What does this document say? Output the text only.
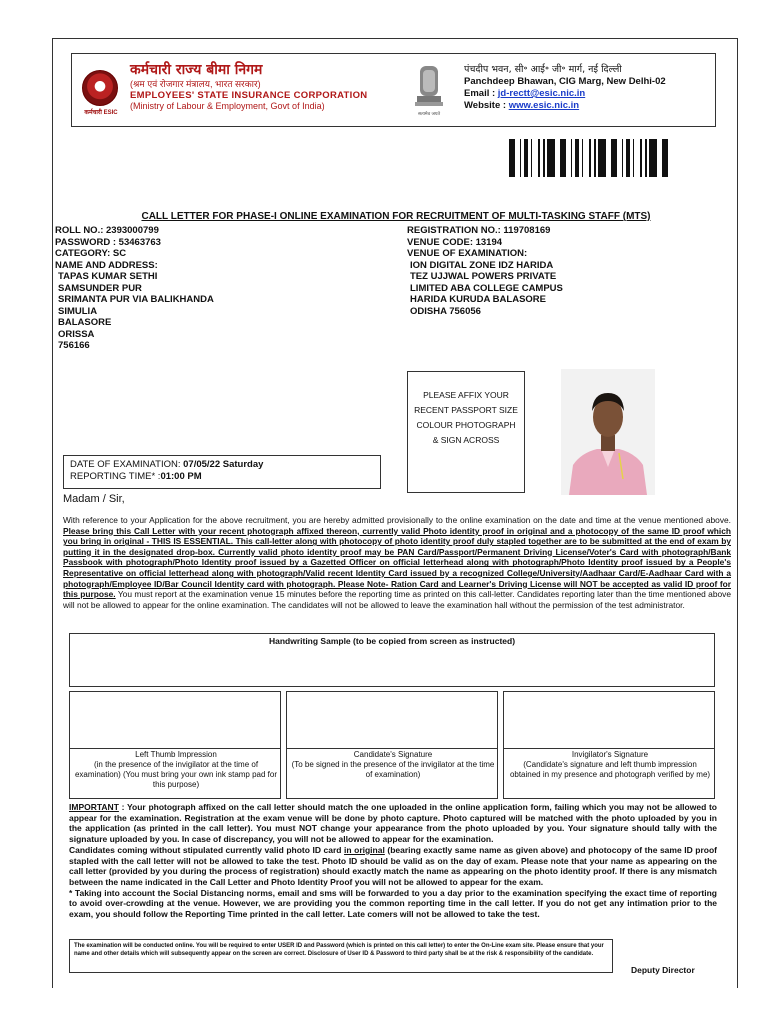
कर्मचारी ESIC
कर्मचारी राज्य बीमा निगम
(श्रम एवं रोजगार मंत्रालय, भारत सरकार)
EMPLOYEES' STATE INSURANCE CORPORATION
(Ministry of Labour & Employment, Govt of India)
सत्यमेव जयते
पंचदीप भवन, सी॰ आई॰ जी॰ मार्ग, नई दिल्ली
Panchdeep Bhawan, CIG Marg, New Delhi-02
Email : jd-rectt@esic.nic.in
Website : www.esic.nic.in
CALL LETTER FOR PHASE-I ONLINE EXAMINATION FOR RECRUITMENT OF MULTI-TASKING STAFF (MTS)
ROLL NO.: 2393000799
PASSWORD : 53463763
CATEGORY: SC
NAME AND ADDRESS:
TAPAS KUMAR SETHI
SAMSUNDER PUR
SRIMANTA PUR VIA BALIKHANDA
SIMULIA
BALASORE
ORISSA
756166
REGISTRATION NO.: 119708169
VENUE CODE: 13194
VENUE OF EXAMINATION:
ION DIGITAL ZONE IDZ HARIDA
TEZ UJJWAL POWERS PRIVATE
LIMITED ABA COLLEGE CAMPUS
HARIDA KURUDA BALASORE
ODISHA 756056
PLEASE AFFIX YOUR
RECENT PASSPORT SIZE
COLOUR PHOTOGRAPH
& SIGN ACROSS
DATE OF EXAMINATION: 07/05/22 Saturday
REPORTING TIME* :01:00 PM
Madam / Sir,
With reference to your Application for the above recruitment, you are hereby admitted provisionally to the online examination on the date and time at the venue mentioned above. Please bring this Call Letter with your recent photograph affixed thereon, currently valid Photo identity proof in original and a photocopy of the same ID proof which you bring in original - THIS IS ESSENTIAL. This call-letter along with photocopy of photo identity proof duly stapled together are to be submitted at the end of exam by putting it in the designated drop-box. Currently valid photo identity proof may be PAN Card/Passport/Permanent Driving License/Voter's Card with photograph/Bank Passbook with photograph/Photo Identity proof issued by a Gazetted Officer on official letterhead along with photograph/Photo Identity proof issued by a People's Representative on official letterhead along with photograph/Valid recent Identity Card issued by a recognized College/University/Aadhaar Card/E-Aadhaar Card with a photograph/Employee ID/Bar Council Identity card with photograph. Please Note- Ration Card and Learner's Driving License will NOT be accepted as valid ID proof for this purpose. You must report at the examination venue 15 minutes before the reporting time as printed on this call-letter. Candidates reporting later than the time mentioned above will not be allowed to appear for the online examination. The candidates will not be allowed to leave the examination hall without the permission of the test administrator.
Handwriting Sample (to be copied from screen as instructed)
Left Thumb Impression
(in the presence of the invigilator at the time of examination) (You must bring your own ink stamp pad for this purpose)
Candidate's Signature
(To be signed in the presence of the invigilator at the time of examination)
Invigilator's Signature
(Candidate's signature and left thumb impression obtained in my presence and photograph verified by me)
IMPORTANT : Your photograph affixed on the call letter should match the one uploaded in the online application form, failing which you may not be allowed to appear for the examination. Registration at the exam venue will be done by photo capture. Photo captured will be matched with the photo uploaded by you in the application (as printed in the call letter). You must NOT change your appearance from the photo uploaded by you. Your signature should tally with the signature uploaded by you. In case of discrepancy, you will not be allowed to appear for the examination.
Candidates coming without stipulated currently valid photo ID card in original (bearing exactly same name as given above) and photocopy of the same ID proof stapled with the call letter will not be allowed to take the test. Photo ID should be valid as on the day of exam. Please note that your name as appearing on the call letter (provided by you during the process of registration) should exactly match the name as appearing on the photo identity proof. If there is any mismatch between the name indicated in the Call Letter and Photo Identity Proof you will not be allowed to appear for the exam.
* Taking into account the Social Distancing norms, email and sms will be forwarded to you a day prior to the examination specifying the exact time of reporting to avoid over-crowding at the venue. However, we are providing you the common reporting time in the call letter. If you do not get any intimation prior to the exam, you should follow the Reporting Time printed in the call letter. Late comers will not be allowed to take the test.
The examination will be conducted online. You will be required to enter USER ID and Password (which is printed on this call letter) to enter the On-Line exam site. Please ensure that your name and other details which will subsequently appear on the screen are correct. Disclosure of User ID & Password to third party shall be at the risk & responsibility of the candidate.
Deputy Director
